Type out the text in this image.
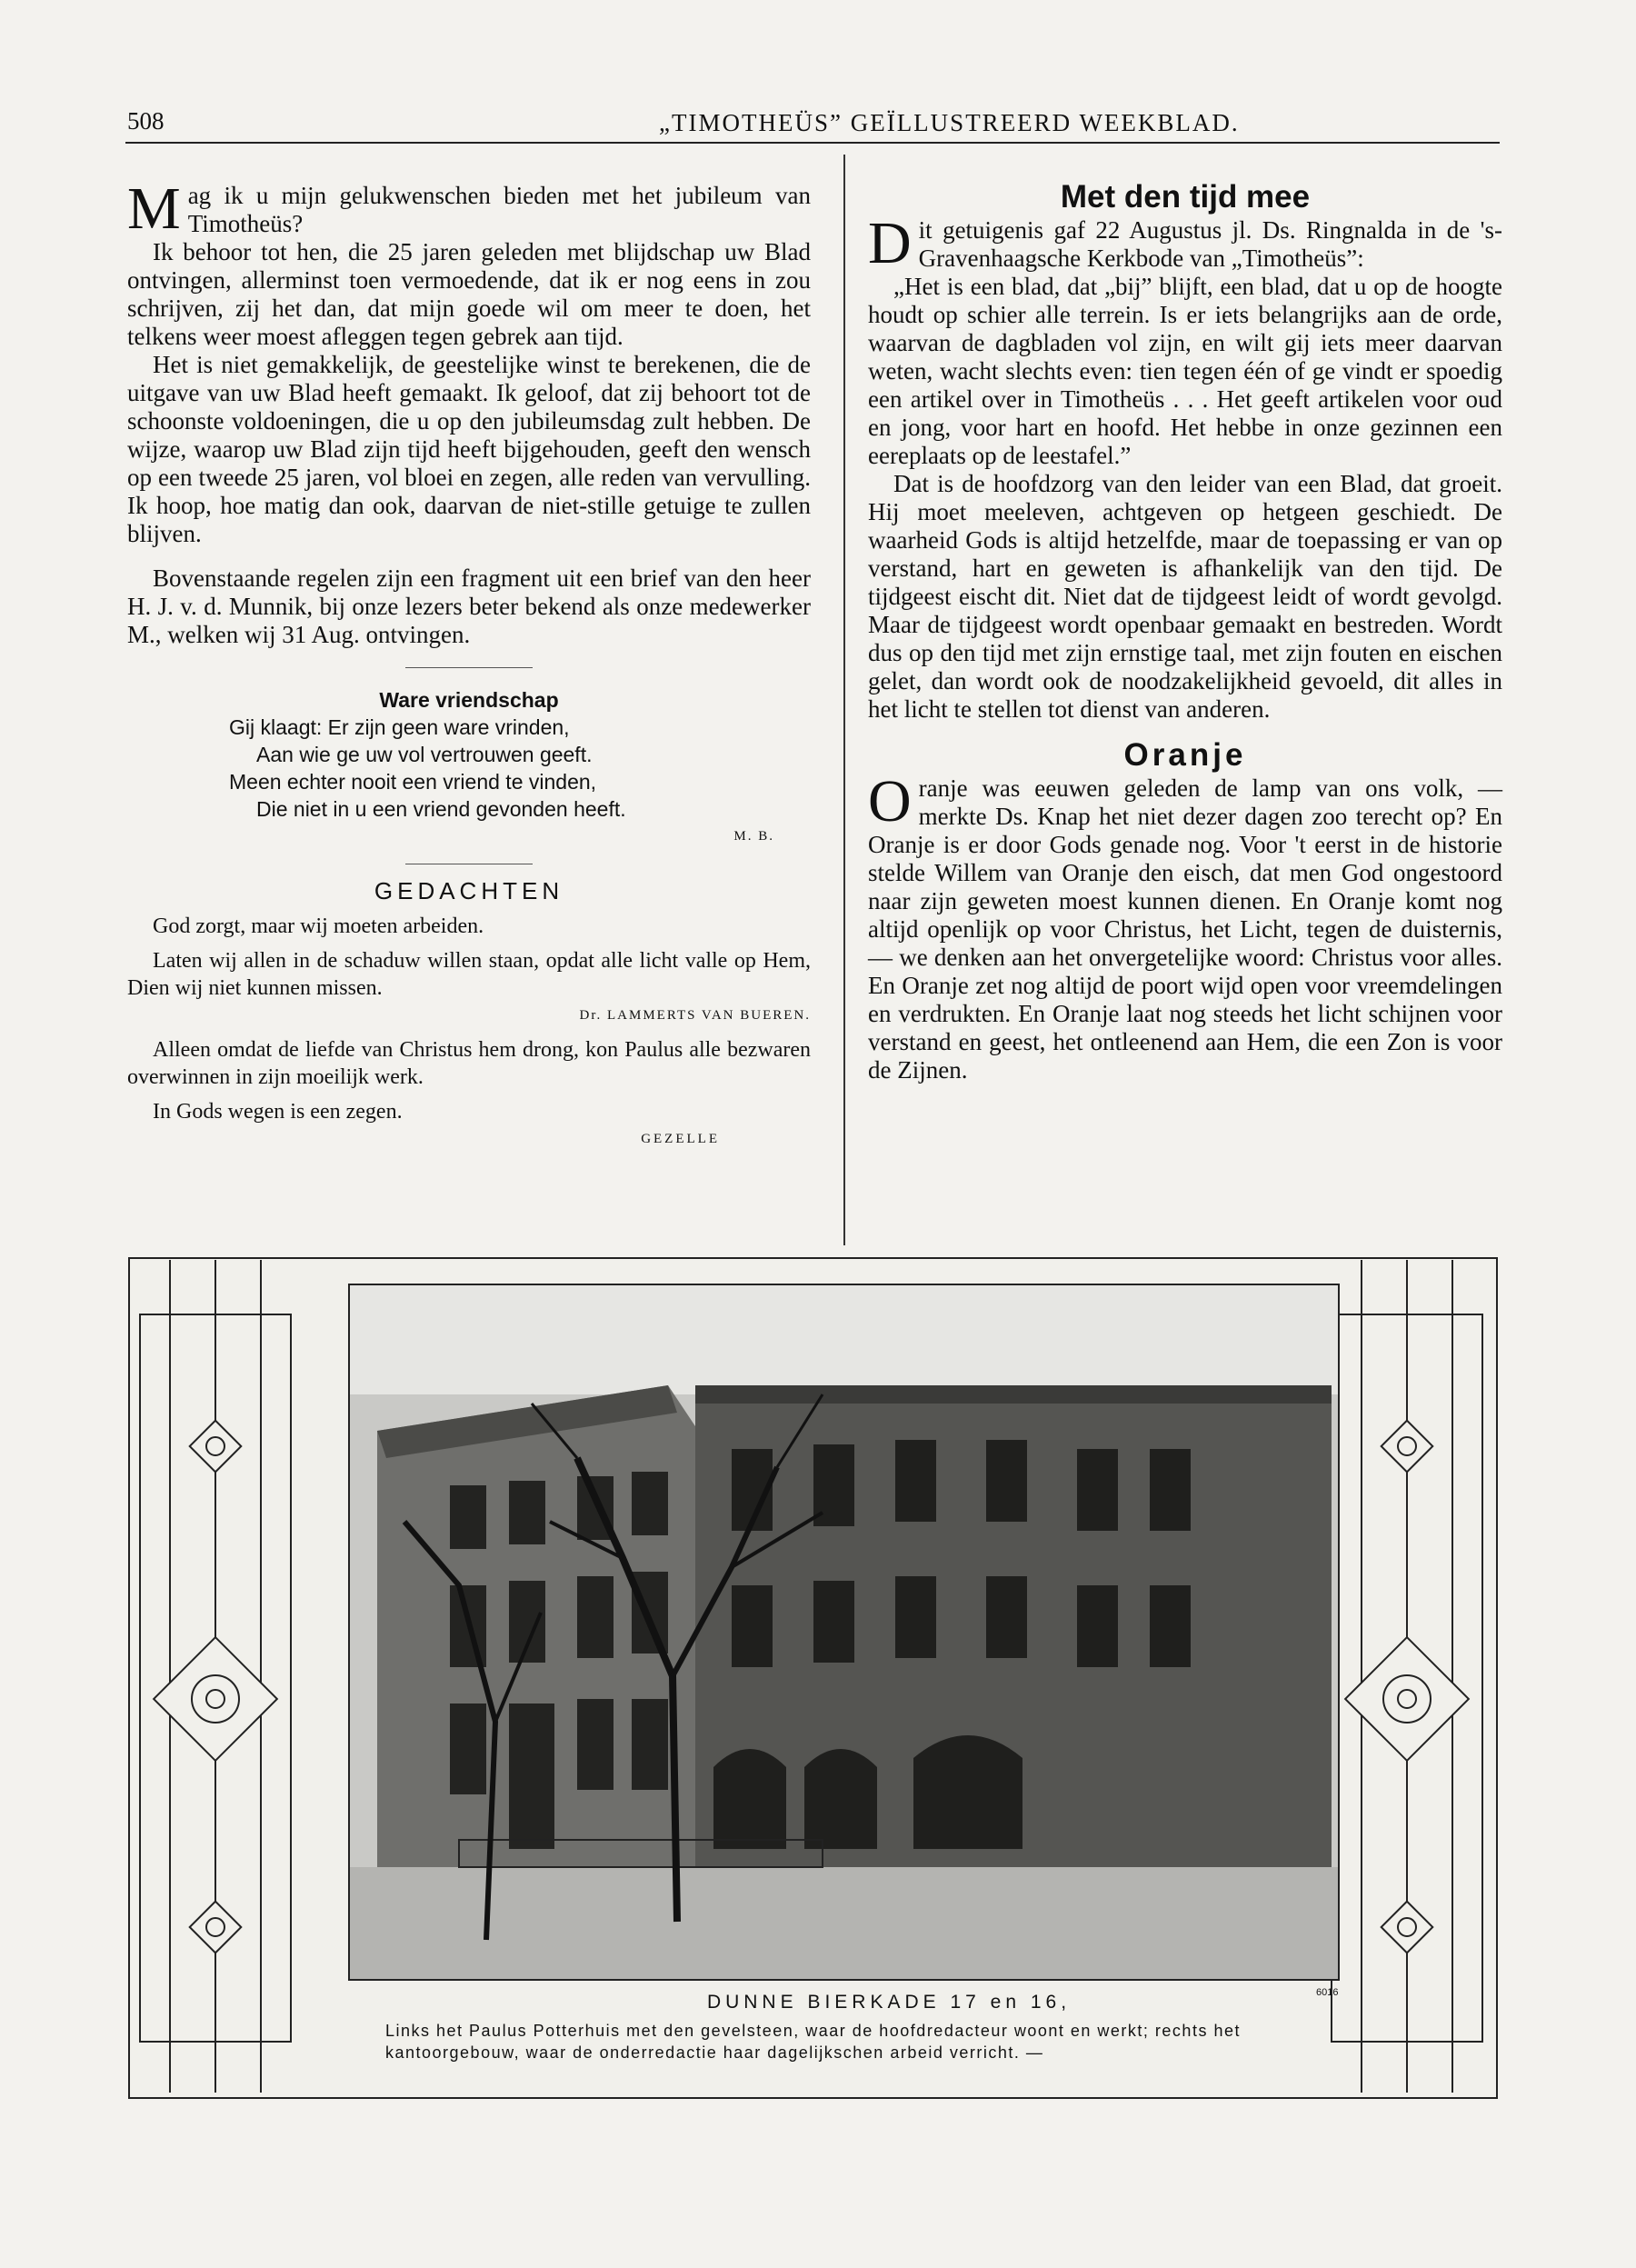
508	„TIMOTHEÜS” GEÏLLUSTREERD WEEKBLAD.

Mag ik u mijn gelukwenschen bieden met het jubileum van Timotheüs?

Ik behoor tot hen, die 25 jaren geleden met blijdschap uw Blad ontvingen, allerminst toen vermoedende, dat ik er nog eens in zou schrijven, zij het dan, dat mijn goede wil om meer te doen, het telkens weer moest afleggen tegen gebrek aan tijd.

Het is niet gemakkelijk, de geestelijke winst te berekenen, die de uitgave van uw Blad heeft gemaakt. Ik geloof, dat zij behoort tot de schoonste voldoeningen, die u op den jubileumsdag zult hebben. De wijze, waarop uw Blad zijn tijd heeft bijgehouden, geeft den wensch op een tweede 25 jaren, vol bloei en zegen, alle reden van vervulling. Ik hoop, hoe matig dan ook, daarvan de niet-stille getuige te zullen blijven.

Bovenstaande regelen zijn een fragment uit een brief van den heer H. J. v. d. Munnik, bij onze lezers beter bekend als onze medewerker M., welken wij 31 Aug. ontvingen.

Ware vriendschap

Gij klaagt: Er zijn geen ware vrinden,
Aan wie ge uw vol vertrouwen geeft.
Meen echter nooit een vriend te vinden,
Die niet in u een vriend gevonden heeft.
M. B.

GEDACHTEN

God zorgt, maar wij moeten arbeiden.

Laten wij allen in de schaduw willen staan, opdat alle licht valle op Hem, Dien wij niet kunnen missen.

Dr. LAMMERTS VAN BUEREN.

Alleen omdat de liefde van Christus hem drong, kon Paulus alle bezwaren overwinnen in zijn moeilijk werk.

In Gods wegen is een zegen.

GEZELLE

Met den tijd mee

Dit getuigenis gaf 22 Augustus jl. Ds. Ringnalda in de 's-Gravenhaagsche Kerkbode van „Timotheüs”:

„Het is een blad, dat „bij” blijft, een blad, dat u op de hoogte houdt op schier alle terrein. Is er iets belangrijks aan de orde, waarvan de dagbladen vol zijn, en wilt gij iets meer daarvan weten, wacht slechts even: tien tegen één of ge vindt er spoedig een artikel over in Timotheüs . . . Het geeft artikelen voor oud en jong, voor hart en hoofd. Het hebbe in onze gezinnen een eereplaats op de leestafel.”

Dat is de hoofdzorg van den leider van een Blad, dat groeit. Hij moet meeleven, achtgeven op hetgeen geschiedt. De waarheid Gods is altijd hetzelfde, maar de toepassing er van op verstand, hart en geweten is afhankelijk van den tijd. De tijdgeest eischt dit. Niet dat de tijdgeest leidt of wordt gevolgd. Maar de tijdgeest wordt openbaar gemaakt en bestreden. Wordt dus op den tijd met zijn ernstige taal, met zijn fouten en eischen gelet, dan wordt ook de noodzakelijkheid gevoeld, dit alles in het licht te stellen tot dienst van anderen.

Oranje

Oranje was eeuwen geleden de lamp van ons volk, — merkte Ds. Knap het niet dezer dagen zoo terecht op? En Oranje is er door Gods genade nog. Voor 't eerst in de historie stelde Willem van Oranje den eisch, dat men God ongestoord naar zijn geweten moest kunnen dienen. En Oranje komt nog altijd openlijk op voor Christus, het Licht, tegen de duisternis, — we denken aan het onvergetelijke woord: Christus voor alles. En Oranje zet nog altijd de poort wijd open voor vreemdelingen en verdrukten. En Oranje laat nog steeds het licht schijnen voor verstand en geest, het ontleenend aan Hem, die een Zon is voor de Zijnen.

DUNNE BIERKADE 17 en 16,	6016
Links het Paulus Potterhuis met den gevelsteen, waar de hoofdredacteur woont en werkt; rechts het kantoorgebouw, waar de onderredactie haar dagelijkschen arbeid verricht. —
